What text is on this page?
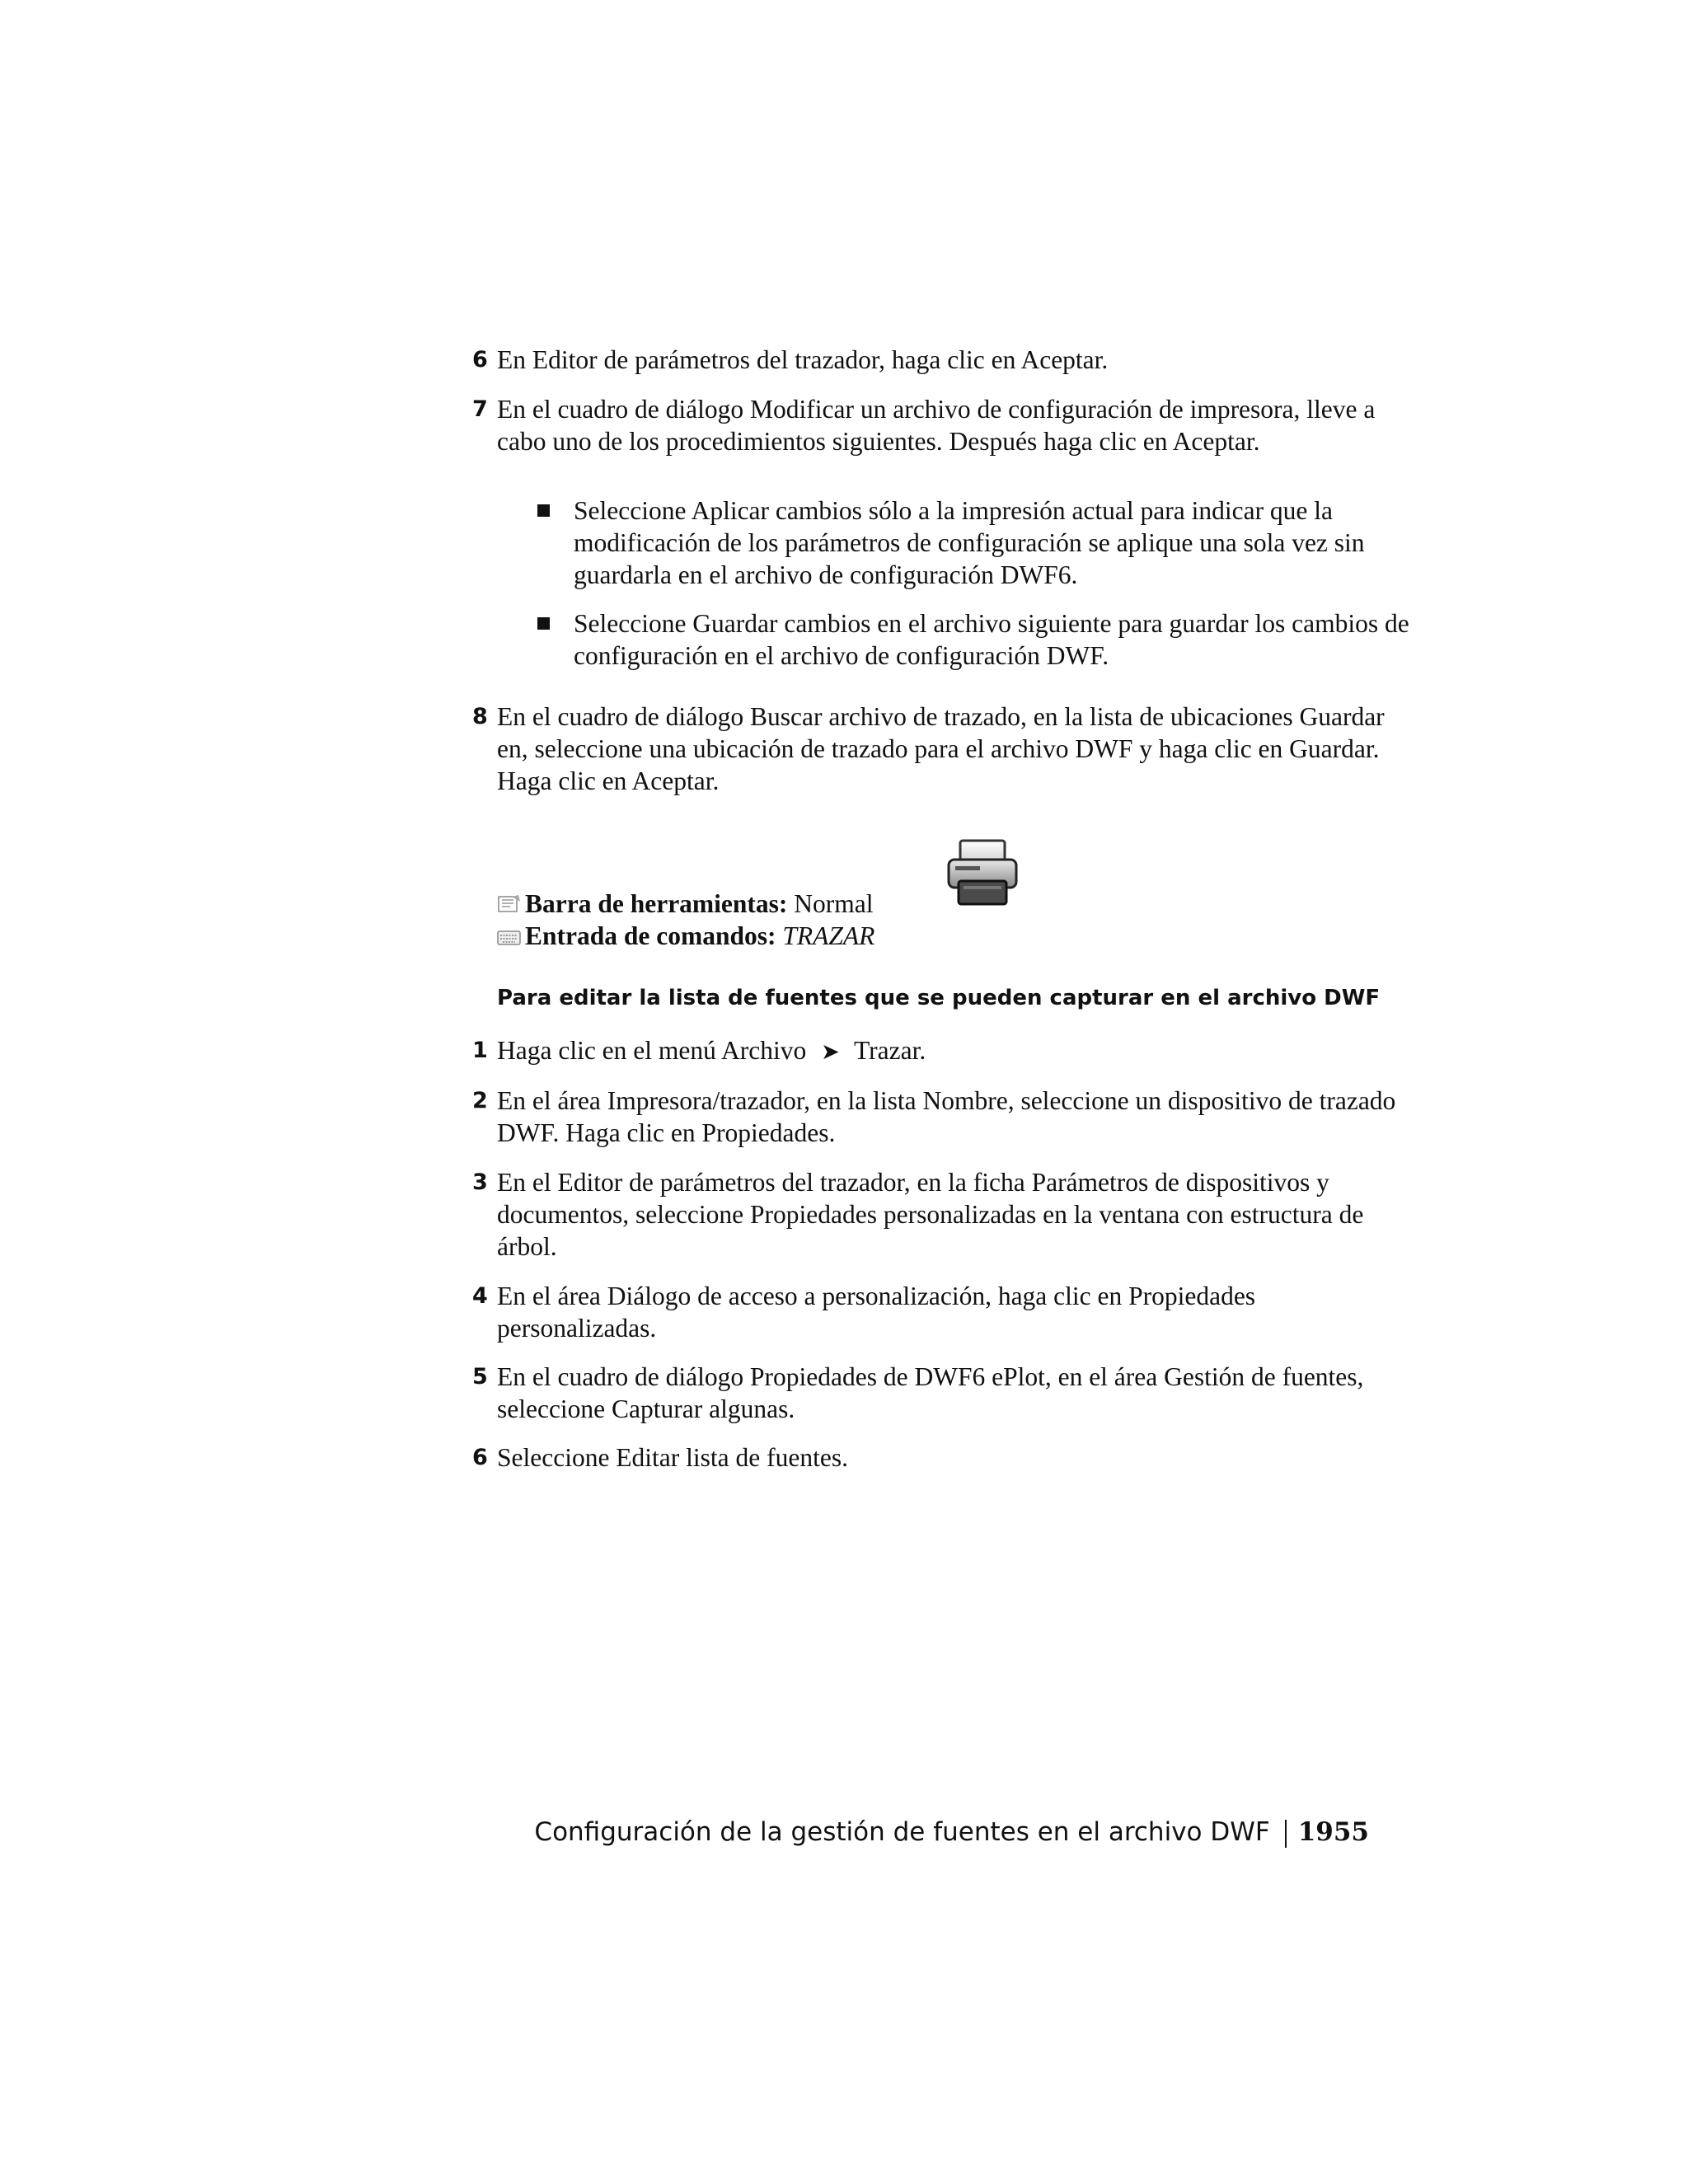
6 En Editor de parámetros del trazador, haga clic en Aceptar.
7 En el cuadro de diálogo Modificar un archivo de configuración de impresora, lleve a cabo uno de los procedimientos siguientes. Después haga clic en Aceptar.
Seleccione Aplicar cambios sólo a la impresión actual para indicar que la modificación de los parámetros de configuración se aplique una sola vez sin guardarla en el archivo de configuración DWF6.
Seleccione Guardar cambios en el archivo siguiente para guardar los cambios de configuración en el archivo de configuración DWF.
8 En el cuadro de diálogo Buscar archivo de trazado, en la lista de ubicaciones Guardar en, seleccione una ubicación de trazado para el archivo DWF y haga clic en Guardar. Haga clic en Aceptar.
Barra de herramientas: Normal
Entrada de comandos: TRAZAR
Para editar la lista de fuentes que se pueden capturar en el archivo DWF
1 Haga clic en el menú Archivo ➤ Trazar.
2 En el área Impresora/trazador, en la lista Nombre, seleccione un dispositivo de trazado DWF. Haga clic en Propiedades.
3 En el Editor de parámetros del trazador, en la ficha Parámetros de dispositivos y documentos, seleccione Propiedades personalizadas en la ventana con estructura de árbol.
4 En el área Diálogo de acceso a personalización, haga clic en Propiedades personalizadas.
5 En el cuadro de diálogo Propiedades de DWF6 ePlot, en el área Gestión de fuentes, seleccione Capturar algunas.
6 Seleccione Editar lista de fuentes.
Configuración de la gestión de fuentes en el archivo DWF 1955
